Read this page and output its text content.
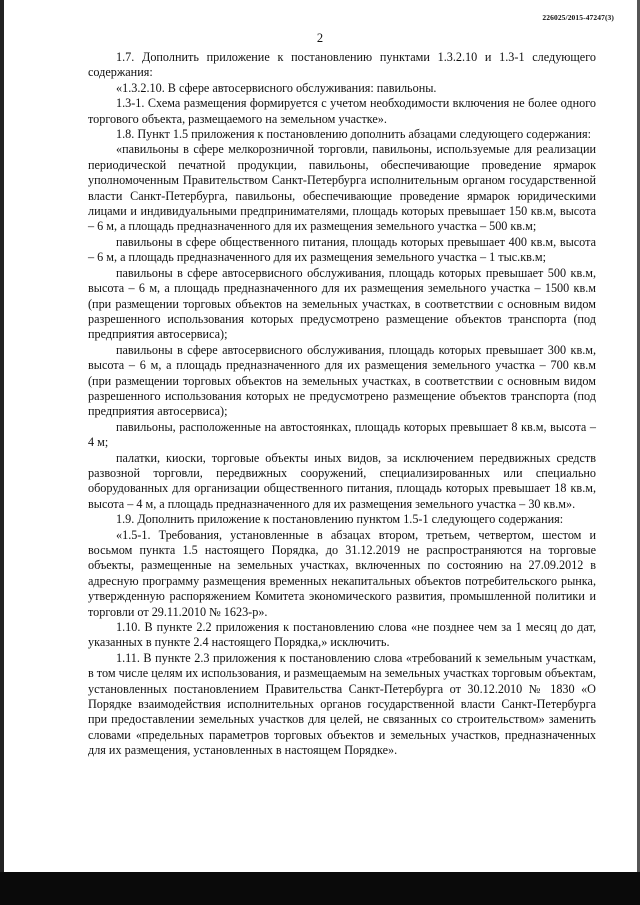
226025/2015-47247(3)
2

1.7. Дополнить приложение к постановлению пунктами 1.3.2.10 и 1.3-1 следующего содержания:

«1.3.2.10. В сфере автосервисного обслуживания: павильоны.

1.3-1. Схема размещения формируется с учетом необходимости включения не более одного торгового объекта, размещаемого на земельном участке».

1.8. Пункт 1.5 приложения к постановлению дополнить абзацами следующего содержания:

«павильоны в сфере мелкорозничной торговли, павильоны, используемые для реализации периодической печатной продукции, павильоны, обеспечивающие проведение ярмарок уполномоченным Правительством Санкт-Петербурга исполнительным органом государственной власти Санкт-Петербурга, павильоны, обеспечивающие проведение ярмарок юридическими лицами и индивидуальными предпринимателями, площадь которых превышает 150 кв.м, высота – 6 м, а площадь предназначенного для их размещения земельного участка – 500 кв.м;

павильоны в сфере общественного питания, площадь которых превышает 400 кв.м, высота – 6 м, а площадь предназначенного для их размещения земельного участка – 1 тыс.кв.м;

павильоны в сфере автосервисного обслуживания, площадь которых превышает 500 кв.м, высота – 6 м, а площадь предназначенного для их размещения земельного участка – 1500 кв.м (при размещении торговых объектов на земельных участках, в соответствии с основным видом разрешенного использования которых предусмотрено размещение объектов транспорта (под предприятия автосервиса);

павильоны в сфере автосервисного обслуживания, площадь которых превышает 300 кв.м, высота – 6 м, а площадь предназначенного для их размещения земельного участка – 700 кв.м (при размещении торговых объектов на земельных участках, в соответствии с основным видом разрешенного использования которых не предусмотрено размещение объектов транспорта (под предприятия автосервиса);

павильоны, расположенные на автостоянках, площадь которых превышает 8 кв.м, высота – 4 м;

палатки, киоски, торговые объекты иных видов, за исключением передвижных средств развозной торговли, передвижных сооружений, специализированных или специально оборудованных для организации общественного питания, площадь которых превышает 18 кв.м, высота – 4 м, а площадь предназначенного для их размещения земельного участка – 30 кв.м».

1.9. Дополнить приложение к постановлению пунктом 1.5-1 следующего содержания:

«1.5-1. Требования, установленные в абзацах втором, третьем, четвертом, шестом и восьмом пункта 1.5 настоящего Порядка, до 31.12.2019 не распространяются на торговые объекты, размещенные на земельных участках, включенных по состоянию на 27.09.2012 в адресную программу размещения временных некапитальных объектов потребительского рынка, утвержденную распоряжением Комитета экономического развития, промышленной политики и торговли от 29.11.2010 № 1623-р».

1.10. В пункте 2.2 приложения к постановлению слова «не позднее чем за 1 месяц до дат, указанных в пункте 2.4 настоящего Порядка,» исключить.

1.11. В пункте 2.3 приложения к постановлению слова «требований к земельным участкам, в том числе целям их использования, и размещаемым на земельных участках торговым объектам, установленных постановлением Правительства Санкт-Петербурга от 30.12.2010 № 1830 «О Порядке взаимодействия исполнительных органов государственной власти Санкт-Петербурга при предоставлении земельных участков для целей, не связанных со строительством» заменить словами «предельных параметров торговых объектов и земельных участков, предназначенных для их размещения, установленных в настоящем Порядке».
